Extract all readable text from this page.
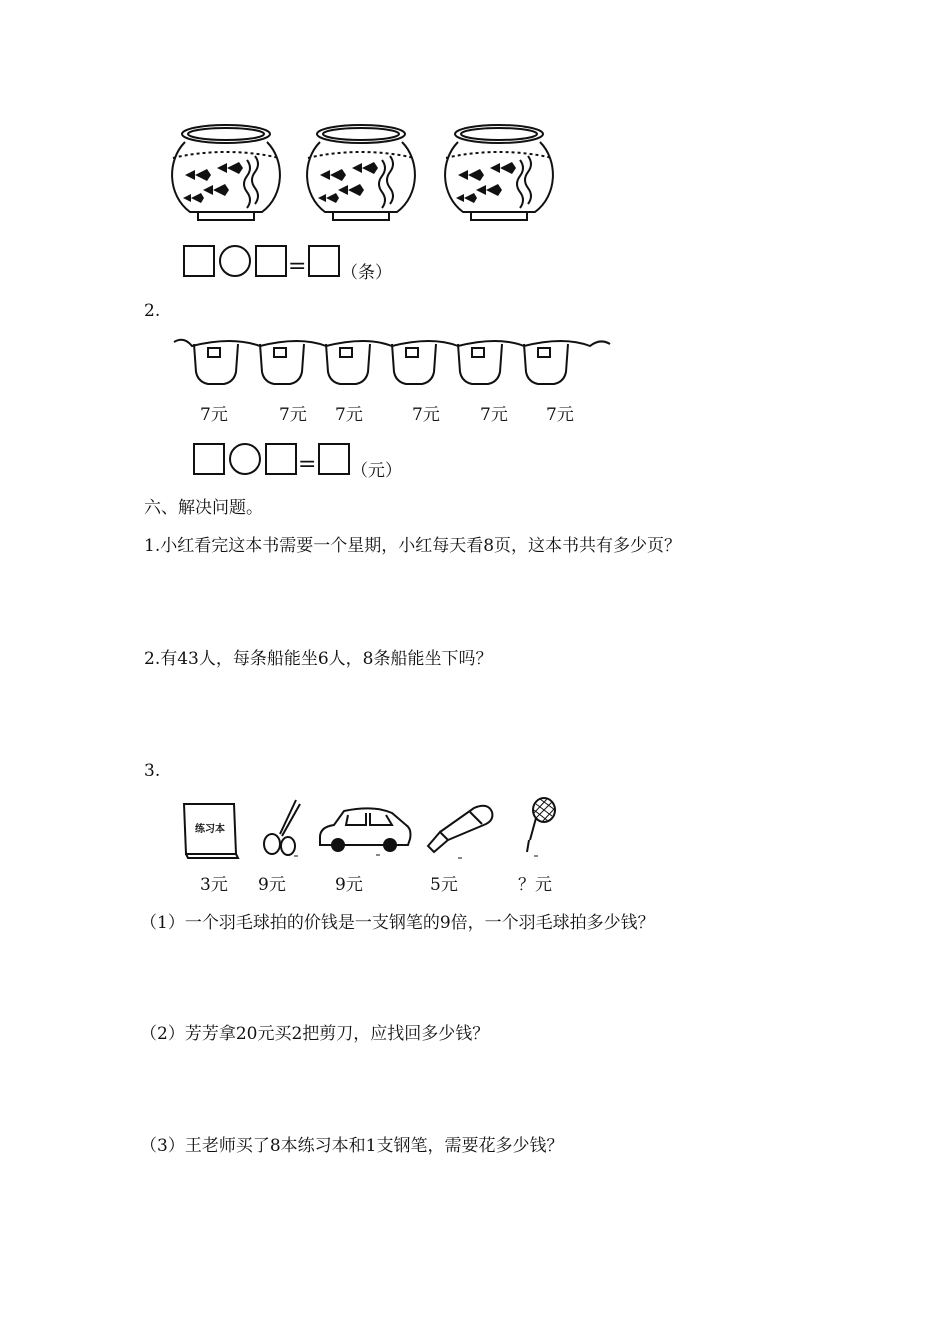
= （条）
2.
7元	7元 7元	7元 7元 7元
= （元）
六、解决问题。
1.小红看完这本书需要一个星期，小红每天看8页，这本书共有多少页？
2.有43人，每条船能坐6人，8条船能坐下吗？
3.
练习本
3元 9元	9元	5元	？元
（1）一个羽毛球拍的价钱是一支钢笔的9倍，一个羽毛球拍多少钱？
（2）芳芳拿20元买2把剪刀，应找回多少钱？
（3）王老师买了8本练习本和1支钢笔，需要花多少钱？
